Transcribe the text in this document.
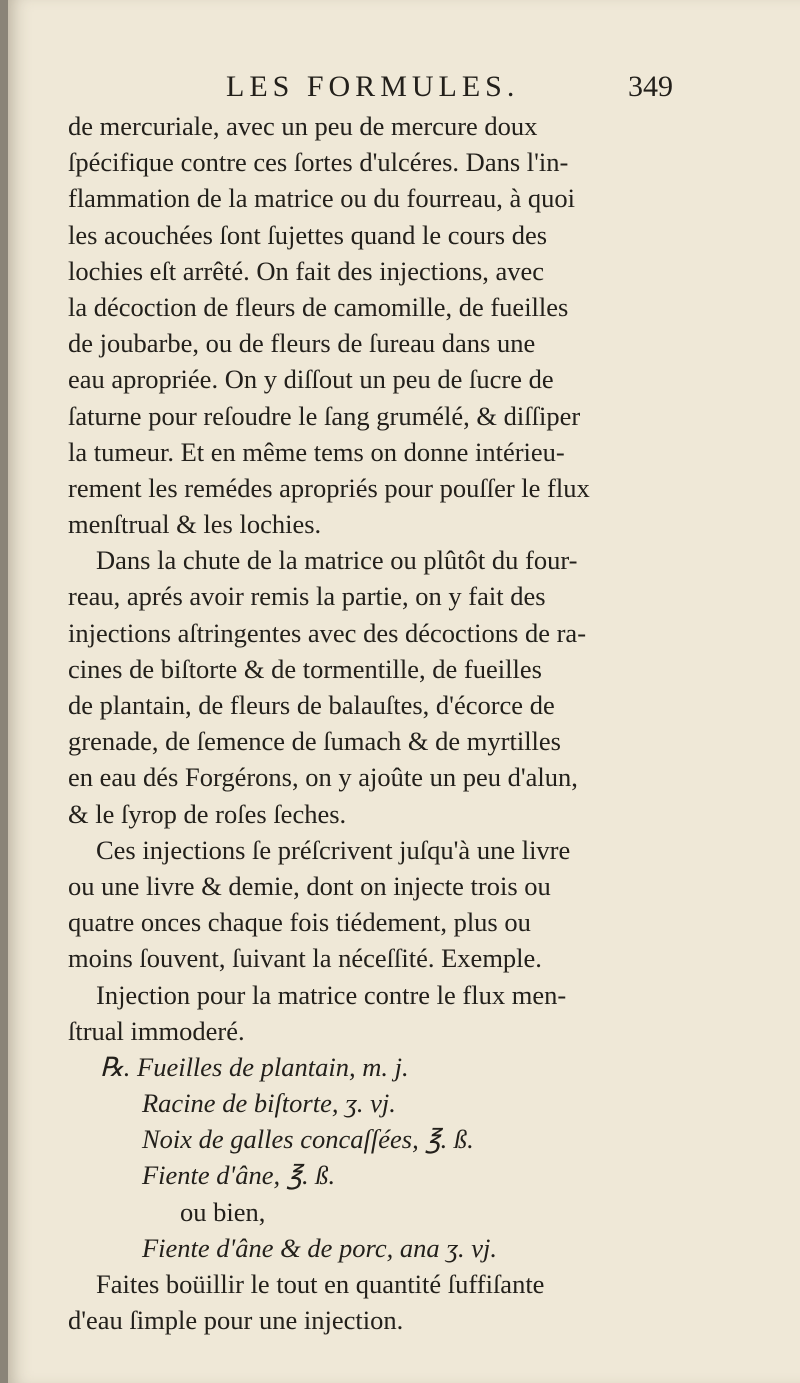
LES FORMULES.	349
de mercuriale, avec un peu de mercure doux
ſpécifique contre ces ſortes d'ulcéres. Dans l'in-
flammation de la matrice ou du fourreau, à quoi
les acouchées ſont ſujettes quand le cours des
lochies eſt arrêté. On fait des injections, avec
la décoction de fleurs de camomille, de fueilles
de joubarbe, ou de fleurs de ſureau dans une
eau apropriée. On y diſſout un peu de ſucre de
ſaturne pour reſoudre le ſang grumélé, & diſſiper
la tumeur. Et en même tems on donne intérieu-
rement les remédes apropriés pour pouſſer le flux
menſtrual & les lochies.
Dans la chute de la matrice ou plûtôt du four-
reau, aprés avoir remis la partie, on y fait des
injections aſtringentes avec des décoctions de ra-
cines de biſtorte & de tormentille, de fueilles
de plantain, de fleurs de balauſtes, d'écorce de
grenade, de ſemence de ſumach & de myrtilles
en eau dés Forgérons, on y ajoûte un peu d'alun,
& le ſyrop de roſes ſeches.
Ces injections ſe préſcrivent juſqu'à une livre
ou une livre & demie, dont on injecte trois ou
quatre onces chaque fois tiédement, plus ou
moins ſouvent, ſuivant la néceſſité. Exemple.
Injection pour la matrice contre le flux men-
ſtrual immoderé.
℞. Fueilles de plantain, m. j.
Racine de biſtorte, ʒ. vj.
Noix de galles concaſſées, ℥. ß.
Fiente d'âne, ℥. ß.
ou bien,
Fiente d'âne & de porc, ana ʒ. vj.
Faites boüillir le tout en quantité ſuffiſante
d'eau ſimple pour une injection.
